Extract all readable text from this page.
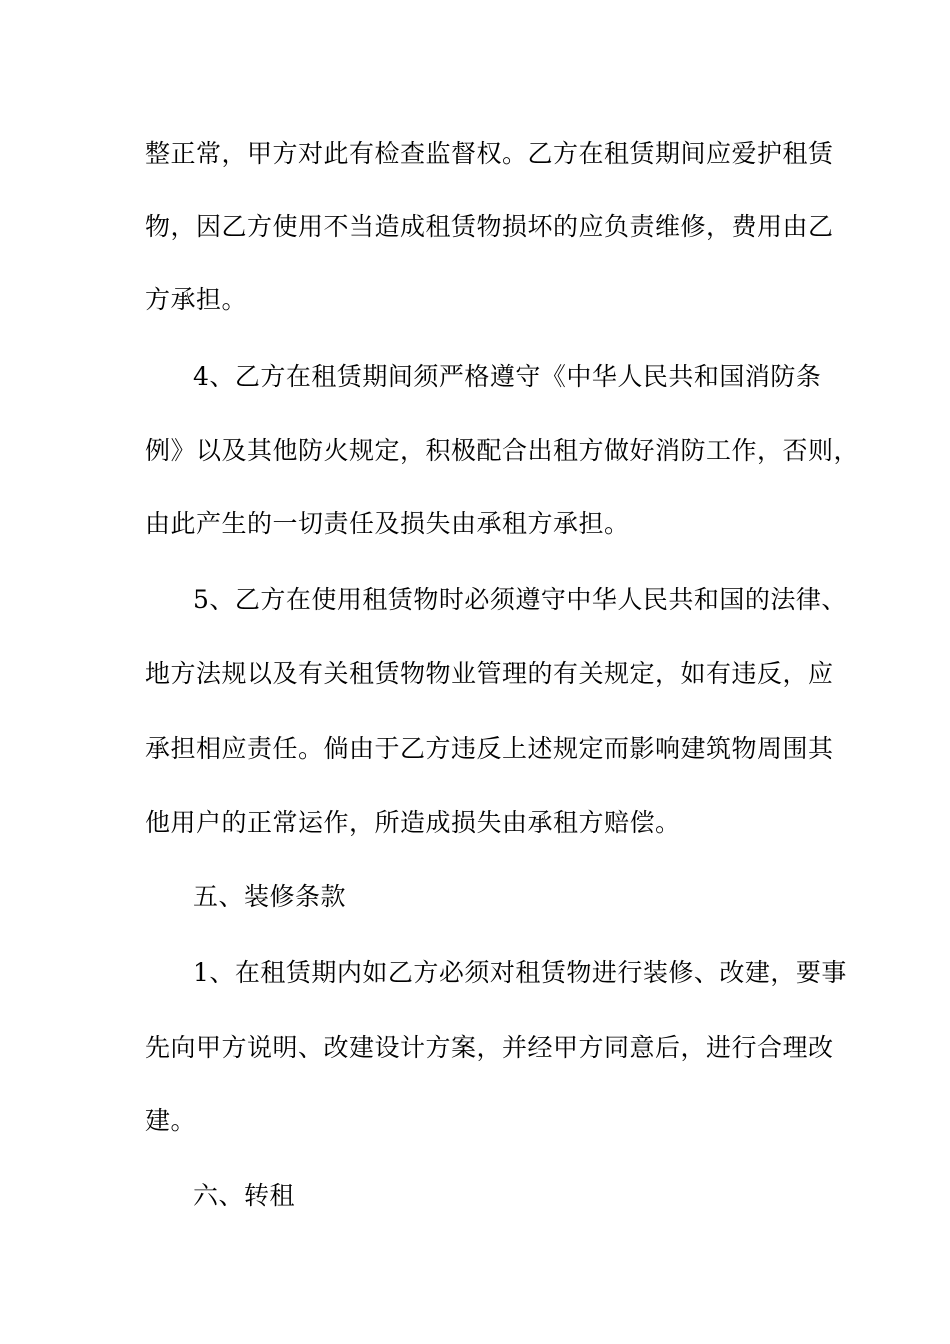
整正常，甲方对此有检查监督权。乙方在租赁期间应爱护租赁
物，因乙方使用不当造成租赁物损坏的应负责维修，费用由乙
方承担。
4、乙方在租赁期间须严格遵守《中华人民共和国消防条
例》以及其他防火规定，积极配合出租方做好消防工作，否则，
由此产生的一切责任及损失由承租方承担。
5、乙方在使用租赁物时必须遵守中华人民共和国的法律、
地方法规以及有关租赁物物业管理的有关规定，如有违反，应
承担相应责任。倘由于乙方违反上述规定而影响建筑物周围其
他用户的正常运作，所造成损失由承租方赔偿。
五、装修条款
1、在租赁期内如乙方必须对租赁物进行装修、改建，要事
先向甲方说明、改建设计方案，并经甲方同意后，进行合理改
建。
六、转租
